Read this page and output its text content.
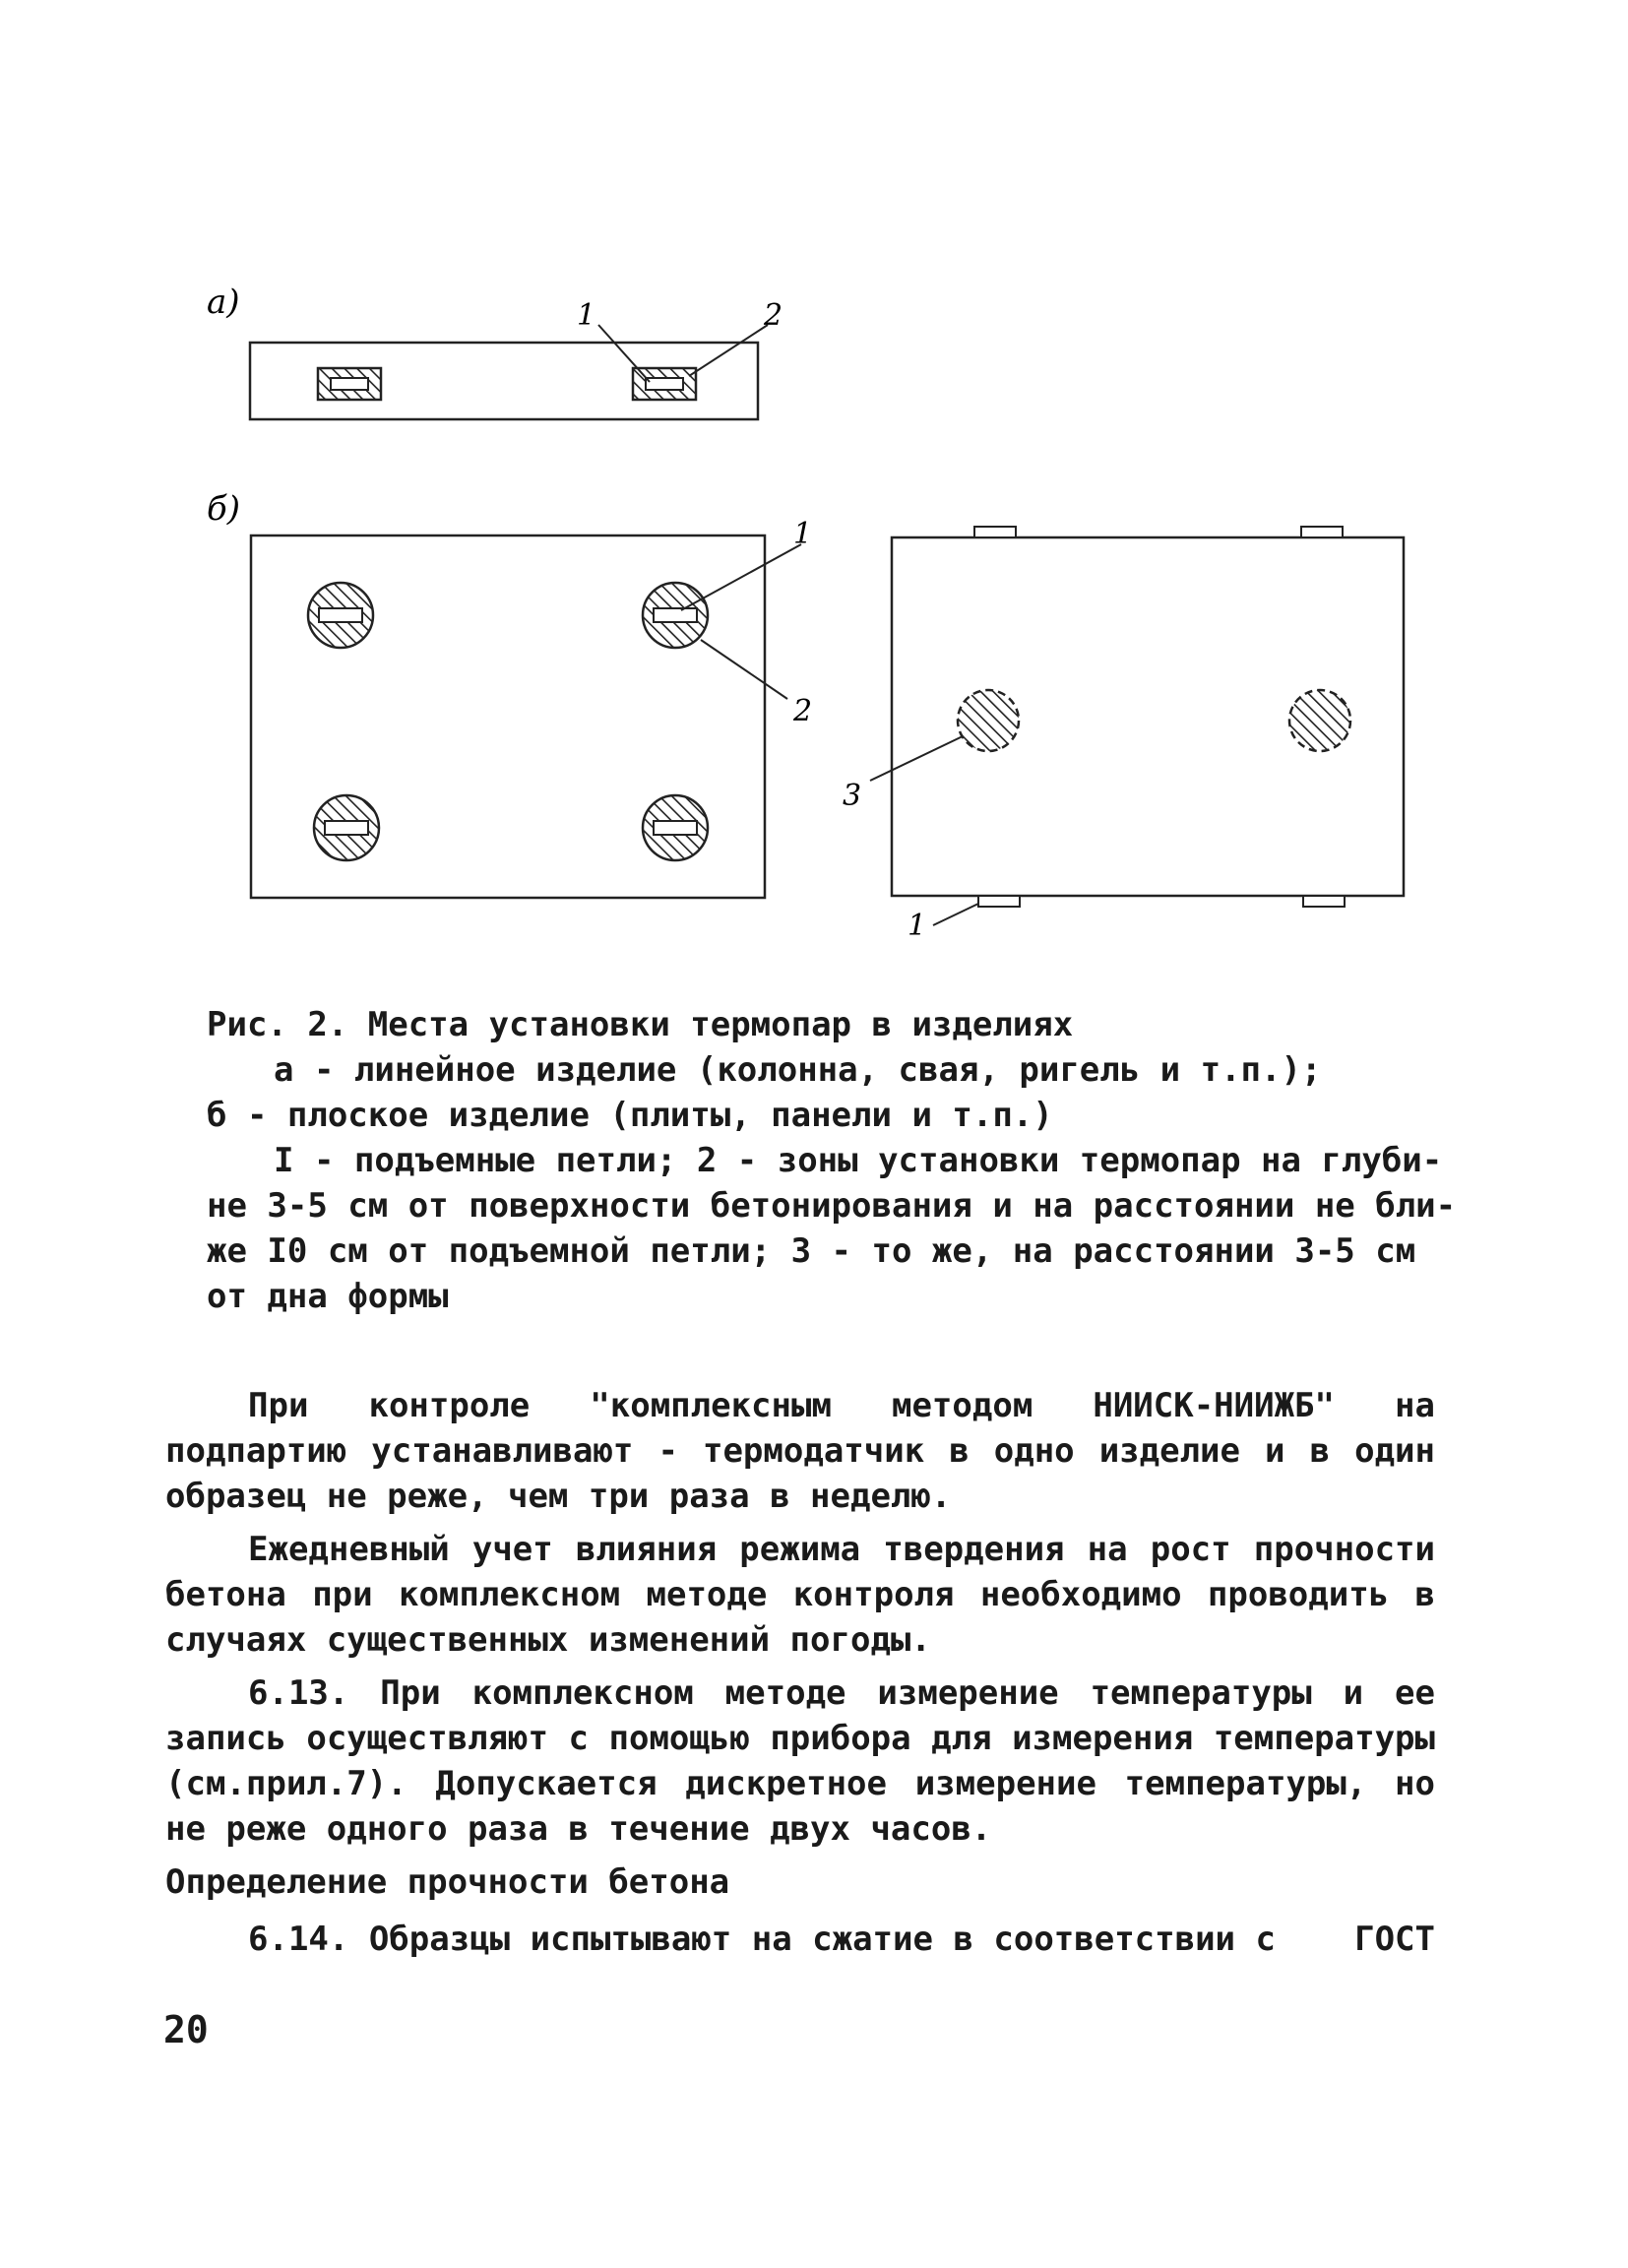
а)	1	2
б)
1
2
3
1
Рис. 2. Места установки термопар в изделиях
а - линейное изделие (колонна, свая, ригель и т.п.);
б - плоское изделие (плиты, панели и т.п.)
I - подъемные петли; 2 - зоны установки термопар на глуби-
не 3-5 см от поверхности бетонирования и на расстоянии не бли-
же I0 см от подъемной петли; 3 - то же, на расстоянии 3-5 см
от дна формы

При контроле "комплексным методом НИИСК-НИИЖБ" на подпартию устанавливают - термодатчик в одно изделие и в один образец не реже, чем три раза в неделю.

Ежедневный учет влияния режима твердения на рост прочности бетона при комплексном методе контроля необходимо проводить в случаях существенных изменений погоды.

6.13. При комплексном методе измерение температуры и ее запись осуществляют с помощью прибора для измерения температуры (см.прил.7). Допускается дискретное измерение температуры, но не реже одного раза в течение двух часов.

Определение прочности бетона

6.14. Образцы испытывают на сжатие в соответствии с ГОСТ

20
